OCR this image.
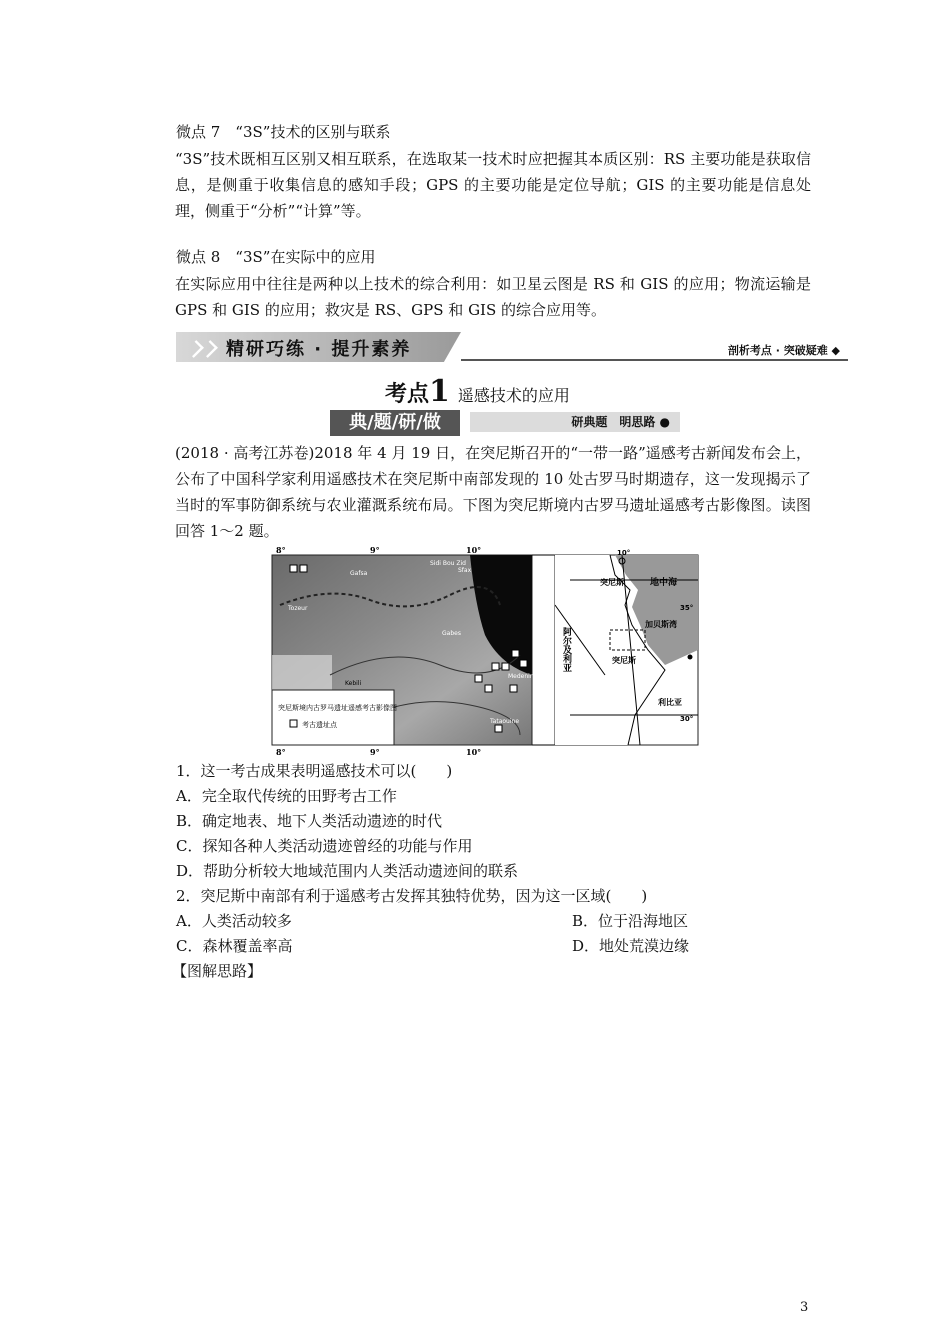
微点 7　“3S”技术的区别与联系
“3S”技术既相互区别又相互联系，在选取某一技术时应把握其本质区别：RS 主要功能是获取信息，是侧重于收集信息的感知手段；GPS 的主要功能是定位导航；GIS 的主要功能是信息处理，侧重于“分析”“计算”等。
微点 8　“3S”在实际中的应用
在实际应用中往往是两种以上技术的综合利用：如卫星云图是 RS 和 GIS 的应用；物流运输是 GPS 和 GIS 的应用；救灾是 RS、GPS 和 GIS 的综合应用等。
精研巧练 · 提升素养	剖析考点 · 突破疑难 ◆
考点1 遥感技术的应用
研典题　明思路 ●
典/题/研/做
(2018 · 高考江苏卷)2018 年 4 月 19 日，在突尼斯召开的“一带一路”遥感考古新闻发布会上，公布了中国科学家利用遥感技术在突尼斯中南部发现的 10 处古罗马时期遗存，这一发现揭示了当时的军事防御系统与农业灌溉系统布局。下图为突尼斯境内古罗马遗址遥感考古影像图。读图回答 1～2 题。
突尼斯境内古罗马遗址遥感考古影像图
考古遗址点
8°	9°	10°
8°	9°	10°
Gafsa
Sidi Bou Zid
Sfax
Tozeur
Gabes
Kebili
Medenine
Tataouine
10°
突尼斯	地中海
35°
加贝斯湾
突尼斯
利比亚
30°
阿尔及利亚
1．这一考古成果表明遥感技术可以(　　)
A．完全取代传统的田野考古工作
B．确定地表、地下人类活动遗迹的时代
C．探知各种人类活动遗迹曾经的功能与作用
D．帮助分析较大地域范围内人类活动遗迹间的联系
2．突尼斯中南部有利于遥感考古发挥其独特优势，因为这一区域(　　)
A．人类活动较多	B．位于沿海地区
C．森林覆盖率高	D．地处荒漠边缘
【图解思路】
3
